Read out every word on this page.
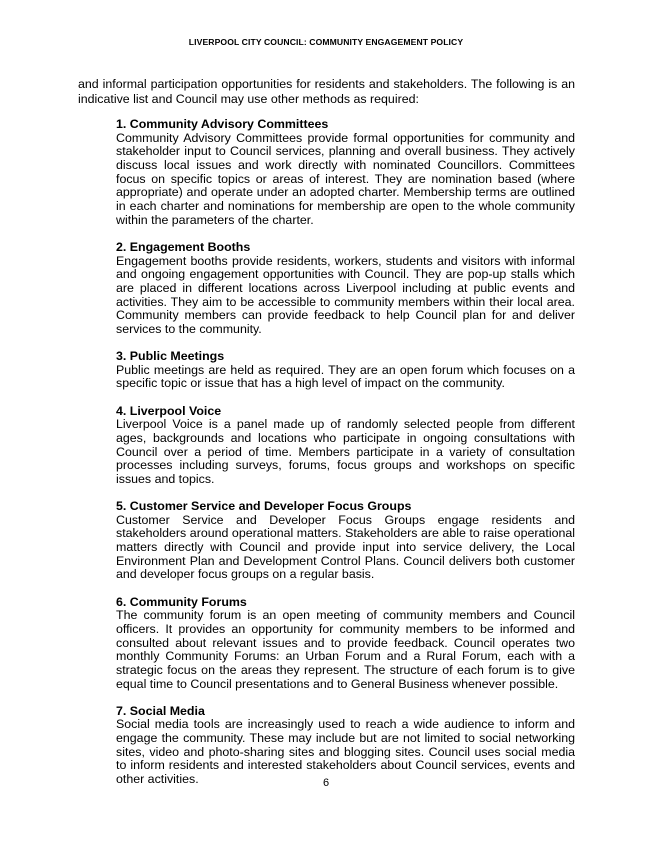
LIVERPOOL CITY COUNCIL: COMMUNITY ENGAGEMENT POLICY

and informal participation opportunities for residents and stakeholders. The following is an indicative list and Council may use other methods as required:

1. Community Advisory Committees

Community Advisory Committees provide formal opportunities for community and stakeholder input to Council services, planning and overall business. They actively discuss local issues and work directly with nominated Councillors. Committees focus on specific topics or areas of interest. They are nomination based (where appropriate) and operate under an adopted charter. Membership terms are outlined in each charter and nominations for membership are open to the whole community within the parameters of the charter.

2. Engagement Booths

Engagement booths provide residents, workers, students and visitors with informal and ongoing engagement opportunities with Council. They are pop-up stalls which are placed in different locations across Liverpool including at public events and activities. They aim to be accessible to community members within their local area. Community members can provide feedback to help Council plan for and deliver services to the community.

3. Public Meetings

Public meetings are held as required. They are an open forum which focuses on a specific topic or issue that has a high level of impact on the community.

4. Liverpool Voice

Liverpool Voice is a panel made up of randomly selected people from different ages, backgrounds and locations who participate in ongoing consultations with Council over a period of time. Members participate in a variety of consultation processes including surveys, forums, focus groups and workshops on specific issues and topics.

5. Customer Service and Developer Focus Groups

Customer Service and Developer Focus Groups engage residents and stakeholders around operational matters. Stakeholders are able to raise operational matters directly with Council and provide input into service delivery, the Local Environment Plan and Development Control Plans. Council delivers both customer and developer focus groups on a regular basis.

6. Community Forums

The community forum is an open meeting of community members and Council officers. It provides an opportunity for community members to be informed and consulted about relevant issues and to provide feedback. Council operates two monthly Community Forums: an Urban Forum and a Rural Forum, each with a strategic focus on the areas they represent. The structure of each forum is to give equal time to Council presentations and to General Business whenever possible.

7. Social Media

Social media tools are increasingly used to reach a wide audience to inform and engage the community. These may include but are not limited to social networking sites, video and photo-sharing sites and blogging sites. Council uses social media to inform residents and interested stakeholders about Council services, events and other activities.	6
